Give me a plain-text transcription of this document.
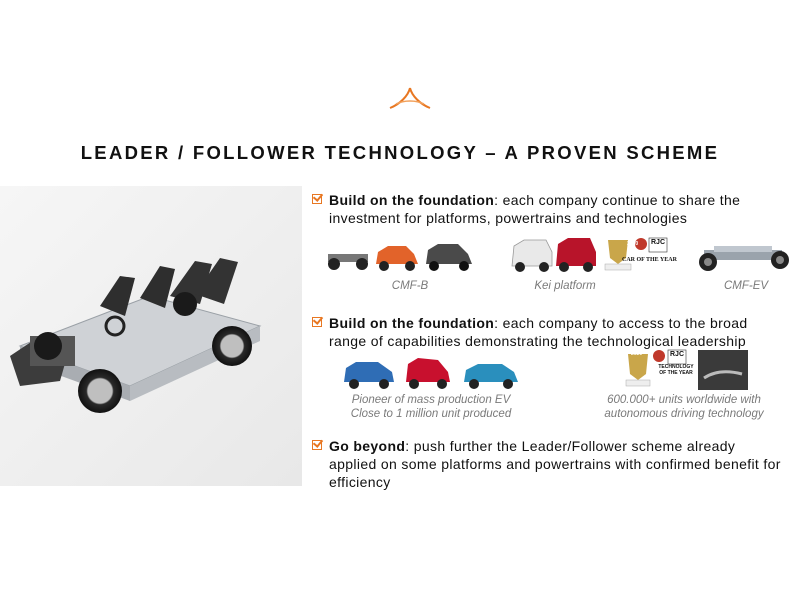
LEADER / FOLLOWER TECHNOLOGY – A PROVEN SCHEME
Build on the foundation: each company continue to share the investment for platforms, powertrains and technologies
CMF-B
2020 RJC
CAR OF THE YEAR
Kei platform	CMF-EV
Build on the foundation: each company to access to the broad range of capabilities demonstrating the technological leadership
Pioneer of mass production EV
Close to 1 million unit produced
2020	RJC
TECHNOLOGY
OF THE YEAR
600.000+ units worldwide with
autonomous driving technology
Go beyond: push further the Leader/Follower scheme already applied on some platforms and powertrains with confirmed benefit for efficiency
